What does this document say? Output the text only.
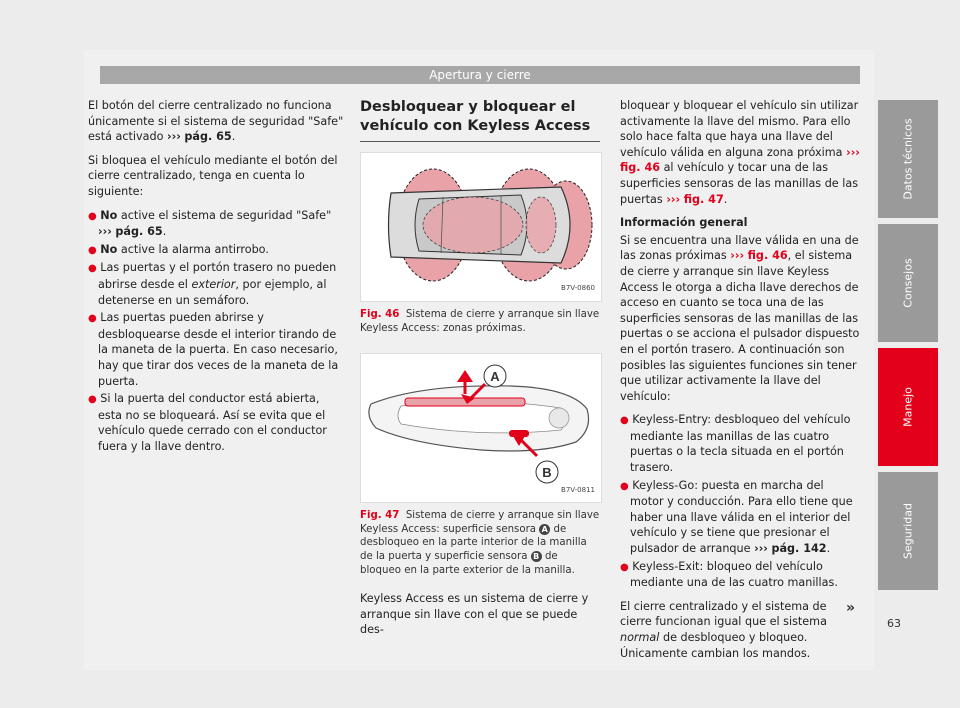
Apertura y cierre

El botón del cierre centralizado no funciona únicamente si el sistema de seguridad "Safe" está activado ››› pág. 65.

Si bloquea el vehículo mediante el botón del cierre centralizado, tenga en cuenta lo siguiente:

● No active el sistema de seguridad "Safe"
››› pág. 65.

● No active la alarma antirrobo.

● Las puertas y el portón trasero no pueden abrirse desde el exterior, por ejemplo, al detenerse en un semáforo.

● Las puertas pueden abrirse y desbloquearse desde el interior tirando de la maneta de la puerta. En caso necesario, hay que tirar dos veces de la maneta de la puerta.

● Si la puerta del conductor está abierta, esta no se bloqueará. Así se evita que el vehículo quede cerrado con el conductor fuera y la llave dentro.

Desbloquear y bloquear el vehículo con Keyless Access

B7V-0860

Fig. 46 Sistema de cierre y arranque sin llave Keyless Access: zonas próximas.

A
B
B7V-0811

Fig. 47 Sistema de cierre y arranque sin llave Keyless Access: superficie sensora A de desbloqueo en la parte interior de la manilla de la puerta y superficie sensora B de bloqueo en la parte exterior de la manilla.

Keyless Access es un sistema de cierre y arranque sin llave con el que se puede des-

bloquear y bloquear el vehículo sin utilizar activamente la llave del mismo. Para ello solo hace falta que haya una llave del vehículo válida en alguna zona próxima ››› fig. 46 al vehículo y tocar una de las superficies sensoras de las manillas de las puertas ››› fig. 47.

Información general

Si se encuentra una llave válida en una de las zonas próximas ››› fig. 46, el sistema de cierre y arranque sin llave Keyless Access le otorga a dicha llave derechos de acceso en cuanto se toca una de las superficies sensoras de las manillas de las puertas o se acciona el pulsador dispuesto en el portón trasero. A continuación son posibles las siguientes funciones sin tener que utilizar activamente la llave del vehículo:

● Keyless-Entry: desbloqueo del vehículo mediante las manillas de las cuatro puertas o la tecla situada en el portón trasero.

● Keyless-Go: puesta en marcha del motor y conducción. Para ello tiene que haber una llave válida en el interior del vehículo y se tiene que presionar el pulsador de arranque ››› pág. 142.

● Keyless-Exit: bloqueo del vehículo mediante una de las cuatro manillas.

El cierre centralizado y el sistema de cierre funcionan igual que el sistema normal de desbloqueo y bloqueo. Únicamente cambian los mandos.

»
Datos técnicos
Consejos
Manejo
Seguridad
63
